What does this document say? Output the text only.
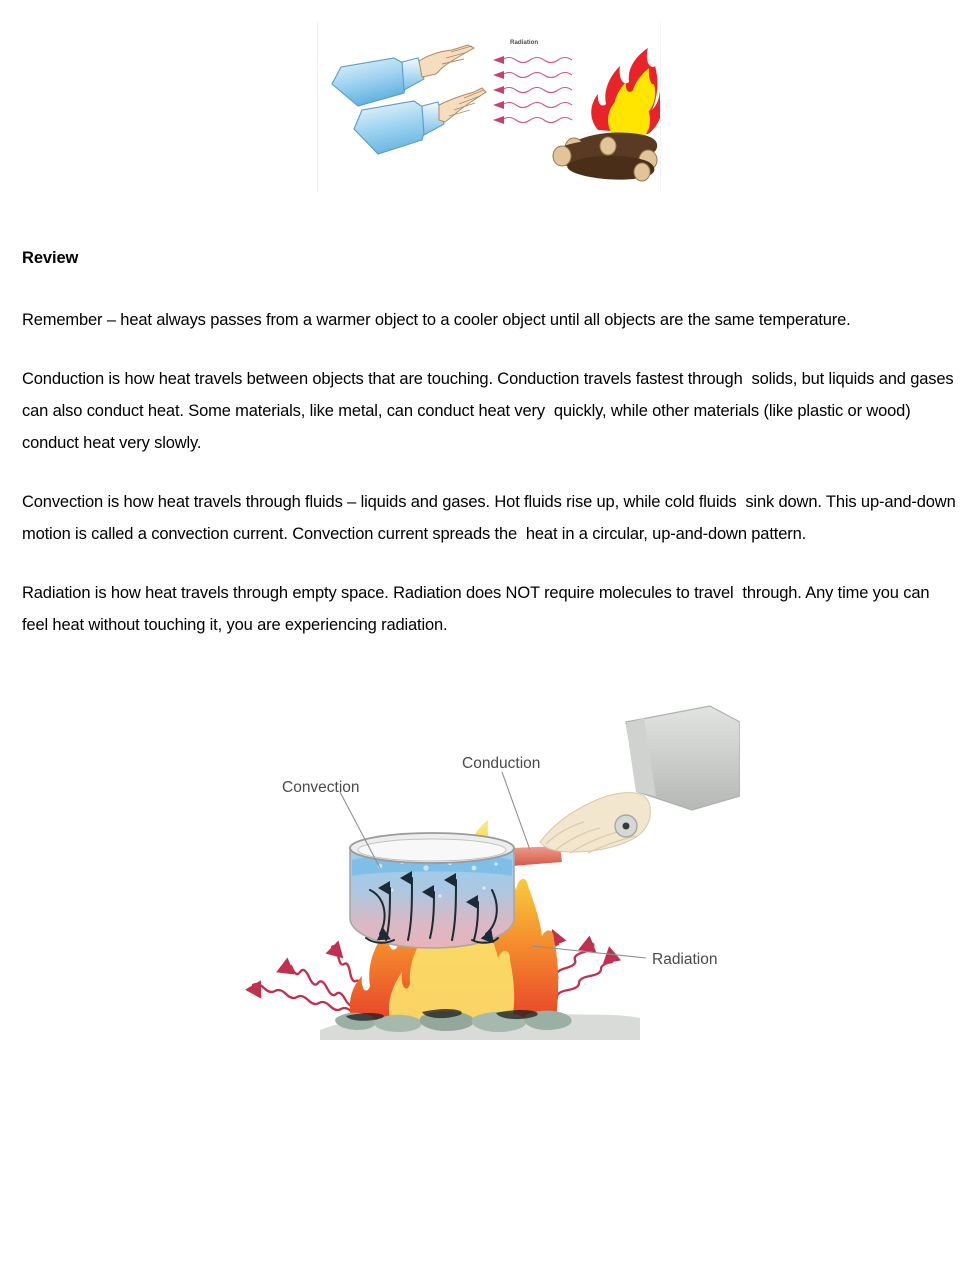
Radiation

Review

Remember – heat always passes from a warmer object to a cooler object until all objects are the same temperature.

Conduction is how heat travels between objects that are touching. Conduction travels fastest through  solids, but liquids and gases can also conduct heat. Some materials, like metal, can conduct heat very  quickly, while other materials (like plastic or wood) conduct heat very slowly.

Convection is how heat travels through fluids – liquids and gases. Hot fluids rise up, while cold fluids  sink down. This up-and-down motion is called a convection current. Convection current spreads the  heat in a circular, up-and-down pattern.

Radiation is how heat travels through empty space. Radiation does NOT require molecules to travel  through. Any time you can feel heat without touching it, you are experiencing radiation.

Convection
Conduction
Radiation
